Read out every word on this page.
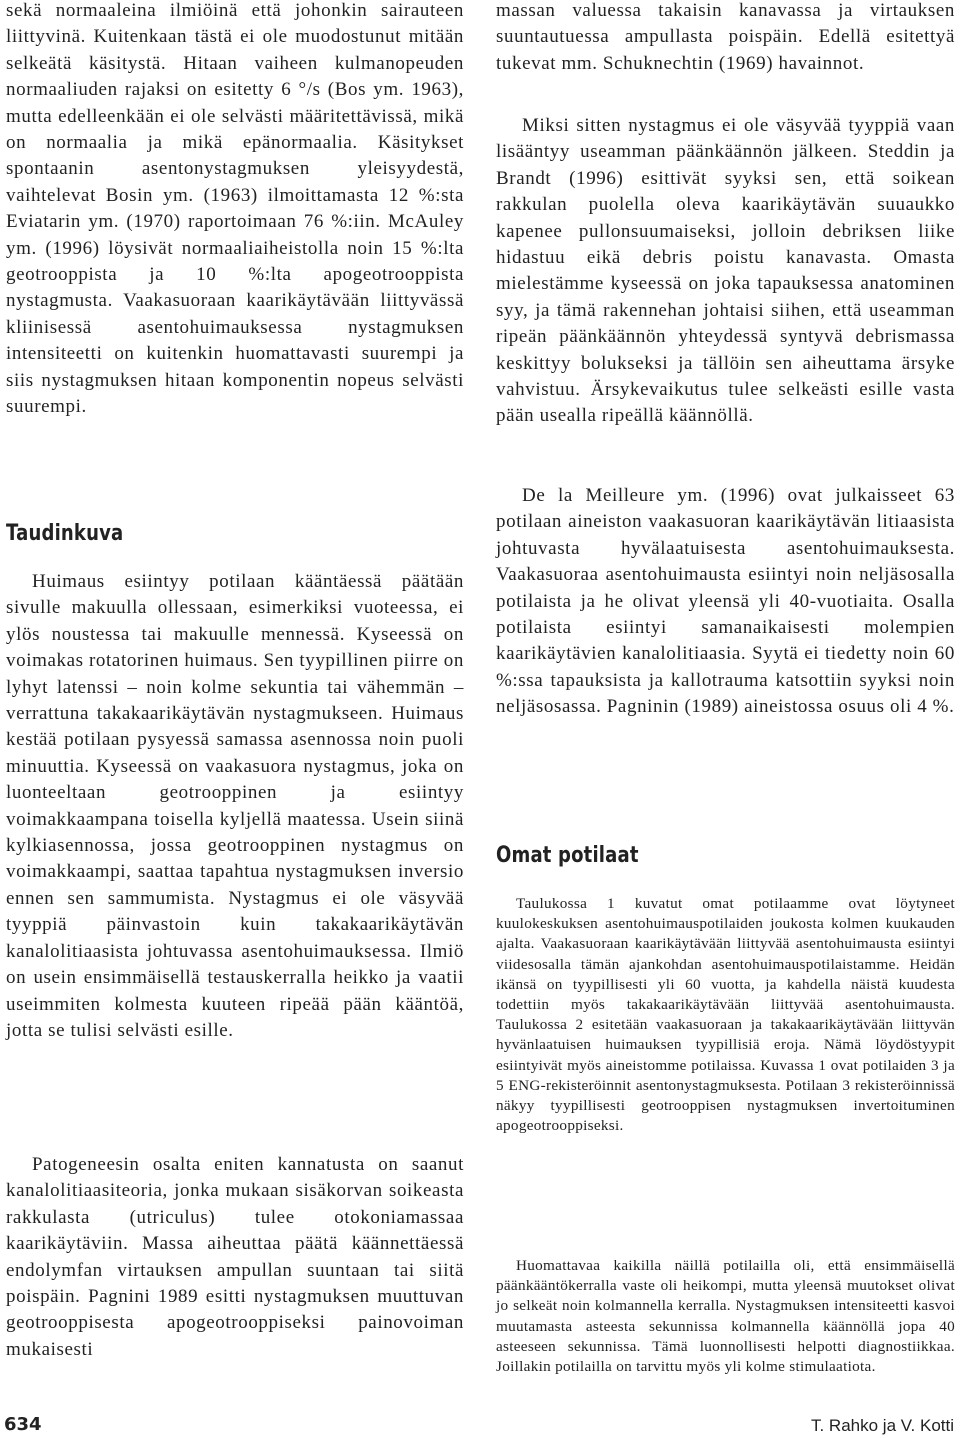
sekä normaaleina ilmiöinä että johonkin sairauteen liittyvinä. Kuitenkaan tästä ei ole muodostunut mitään selkeätä käsitystä. Hitaan vaiheen kulmanopeuden normaaliuden rajaksi on esitetty 6 °/s (Bos ym. 1963), mutta edelleenkään ei ole selvästi määritettävissä, mikä on normaalia ja mikä epänormaalia. Käsitykset spontaanin asentonystagmuksen yleisyydestä, vaihtelevat Bosin ym. (1963) ilmoittamasta 12 %:sta Eviatarin ym. (1970) raportoimaan 76 %:iin. McAuley ym. (1996) löysivät normaaliaiheistolla noin 15 %:lta geotrooppista ja 10 %:lta apogeotrooppista nystagmusta. Vaakasuoraan kaarikäytävään liittyvässä kliinisessä asentohuimauksessa nystagmuksen intensiteetti on kuitenkin huomattavasti suurempi ja siis nystagmuksen hitaan komponentin nopeus selvästi suurempi.

Taudinkuva

Huimaus esiintyy potilaan kääntäessä päätään sivulle makuulla ollessaan, esimerkiksi vuoteessa, ei ylös noustessa tai makuulle mennessä. Kyseessä on voimakas rotatorinen huimaus. Sen tyypillinen piirre on lyhyt latenssi – noin kolme sekuntia tai vähemmän – verrattuna takakaarikäytävän nystagmukseen. Huimaus kestää potilaan pysyessä samassa asennossa noin puoli minuuttia. Kyseessä on vaakasuora nystagmus, joka on luonteeltaan geotrooppinen ja esiintyy voimakkaampana toisella kyljellä maatessa. Usein siinä kylkiasennossa, jossa geotrooppinen nystagmus on voimakkaampi, saattaa tapahtua nystagmuksen inversio ennen sen sammumista. Nystagmus ei ole väsyvää tyyppiä päinvastoin kuin takakaarikäytävän kanalolitiaasista johtuvassa asentohuimauksessa. Ilmiö on usein ensimmäisellä testauskerralla heikko ja vaatii useimmiten kolmesta kuuteen ripeää pään kääntöä, jotta se tulisi selvästi esille.

Patogeneesin osalta eniten kannatusta on saanut kanalolitiaasiteoria, jonka mukaan sisäkorvan soikeasta rakkulasta (utriculus) tulee otokoniamassaa kaarikäytäviin. Massa aiheuttaa päätä käännettäessä endolymfan virtauksen ampullan suuntaan tai siitä poispäin. Pagnini 1989 esitti nystagmuksen muuttuvan geotrooppisesta apogeotrooppiseksi painovoiman mukaisesti

massan valuessa takaisin kanavassa ja virtauksen suuntautuessa ampullasta poispäin. Edellä esitettyä tukevat mm. Schuknechtin (1969) havainnot.

Miksi sitten nystagmus ei ole väsyvää tyyppiä vaan lisääntyy useamman päänkäännön jälkeen. Steddin ja Brandt (1996) esittivät syyksi sen, että soikean rakkulan puolella oleva kaarikäytävän suuaukko kapenee pullonsuumaiseksi, jolloin debriksen liike hidastuu eikä debris poistu kanavasta. Omasta mielestämme kyseessä on joka tapauksessa anatominen syy, ja tämä rakennehan johtaisi siihen, että useamman ripeän päänkäännön yhteydessä syntyvä debrismassa keskittyy bolukseksi ja tällöin sen aiheuttama ärsyke vahvistuu. Ärsykevaikutus tulee selkeästi esille vasta pään usealla ripeällä käännöllä.

De la Meilleure ym. (1996) ovat julkaisseet 63 potilaan aineiston vaakasuoran kaarikäytävän litiaasista johtuvasta hyvälaatuisesta asentohuimauksesta. Vaakasuoraa asentohuimausta esiintyi noin neljäsosalla potilaista ja he olivat yleensä yli 40-vuotiaita. Osalla potilaista esiintyi samanaikaisesti molempien kaarikäytävien kanalolitiaasia. Syytä ei tiedetty noin 60 %:ssa tapauksista ja kallotrauma katsottiin syyksi noin neljäsosassa. Pagninin (1989) aineistossa osuus oli 4 %.

Omat potilaat

Taulukossa 1 kuvatut omat potilaamme ovat löytyneet kuulokeskuksen asentohuimauspotilaiden joukosta kolmen kuukauden ajalta. Vaakasuoraan kaarikäytävään liittyvää asentohuimausta esiintyi viidesosalla tämän ajankohdan asentohuimauspotilaistamme. Heidän ikänsä on tyypillisesti yli 60 vuotta, ja kahdella näistä kuudesta todettiin myös takakaarikäytävään liittyvää asentohuimausta. Taulukossa 2 esitetään vaakasuoraan ja takakaarikäytävään liittyvän hyvänlaatuisen huimauksen tyypillisiä eroja. Nämä löydöstyypit esiintyivät myös aineistomme potilaissa. Kuvassa 1 ovat potilaiden 3 ja 5 ENG-rekisteröinnit asentonystagmuksesta. Potilaan 3 rekisteröinnissä näkyy tyypillisesti geotrooppisen nystagmuksen invertoituminen apogeotrooppiseksi.

Huomattavaa kaikilla näillä potilailla oli, että ensimmäisellä päänkääntökerralla vaste oli heikompi, mutta yleensä muutokset olivat jo selkeät noin kolmannella kerralla. Nystagmuksen intensiteetti kasvoi muutamasta asteesta sekunnissa kolmannella käännöllä jopa 40 asteeseen sekunnissa. Tämä luonnollisesti helpotti diagnostiikkaa. Joillakin potilailla on tarvittu myös yli kolme stimulaatiota.

634	T. Rahko ja V. Kotti
